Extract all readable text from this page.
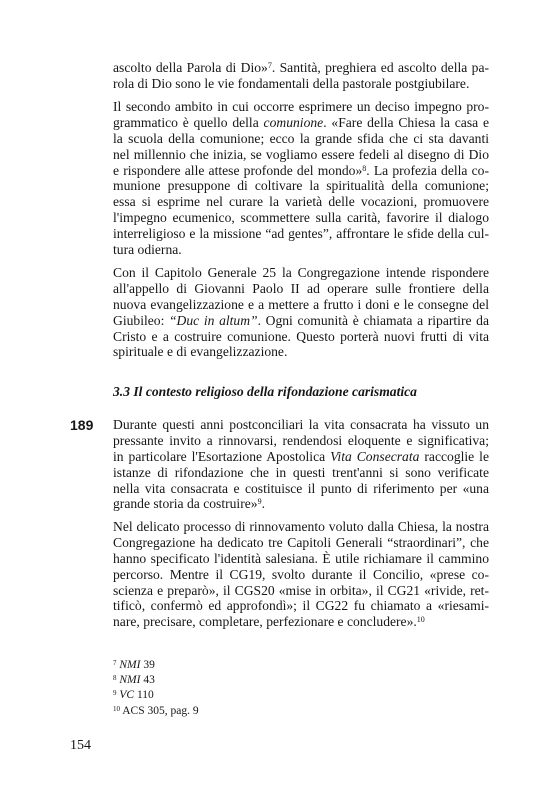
ascolto della Parola di Dio»$^7$. Santità, preghiera ed ascolto della pa-
rola di Dio sono le vie fondamentali della pastorale postgiubilare.
Il secondo ambito in cui occorre esprimere un deciso impegno pro-
grammatico è quello della comunione. «Fare della Chiesa la casa e
la scuola della comunione; ecco la grande sfida che ci sta davanti
nel millennio che inizia, se vogliamo essere fedeli al disegno di Dio
e rispondere alle attese profonde del mondo»$^8$. La profezia della co-
munione presuppone di coltivare la spiritualità della comunione;
essa si esprime nel curare la varietà delle vocazioni, promuovere
l'impegno ecumenico, scommettere sulla carità, favorire il dialogo
interreligioso e la missione “ad gentes”, affrontare le sfide della cul-
tura odierna.
Con il Capitolo Generale 25 la Congregazione intende rispondere
all'appello di Giovanni Paolo II ad operare sulle frontiere della
nuova evangelizzazione e a mettere a frutto i doni e le consegne del
Giubileo: “Duc in altum”. Ogni comunità è chiamata a ripartire da
Cristo e a costruire comunione. Questo porterà nuovi frutti di vita
spirituale e di evangelizzazione.
3.3 Il contesto religioso della rifondazione carismatica
189 Durante questi anni postconciliari la vita consacrata ha vissuto un
pressante invito a rinnovarsi, rendendosi eloquente e significativa;
in particolare l'Esortazione Apostolica Vita Consecrata raccoglie le
istanze di rifondazione che in questi trent'anni si sono verificate
nella vita consacrata e costituisce il punto di riferimento per «una
grande storia da costruire»$^9$.
Nel delicato processo di rinnovamento voluto dalla Chiesa, la nostra
Congregazione ha dedicato tre Capitoli Generali “straordinari”, che
hanno specificato l'identità salesiana. È utile richiamare il cammino
percorso. Mentre il CG19, svolto durante il Concilio, «prese co-
scienza e preparò», il CGS20 «mise in orbita», il CG21 «rivide, ret-
tificò, confermò ed approfondì»; il CG22 fu chiamato a «riesami-
nare, precisare, completare, perfezionare e concludere».$^{10}$
$^7$ NMI 39
$^8$ NMI 43
$^9$ VC 110
$^{10}$ ACS 305, pag. 9
154
